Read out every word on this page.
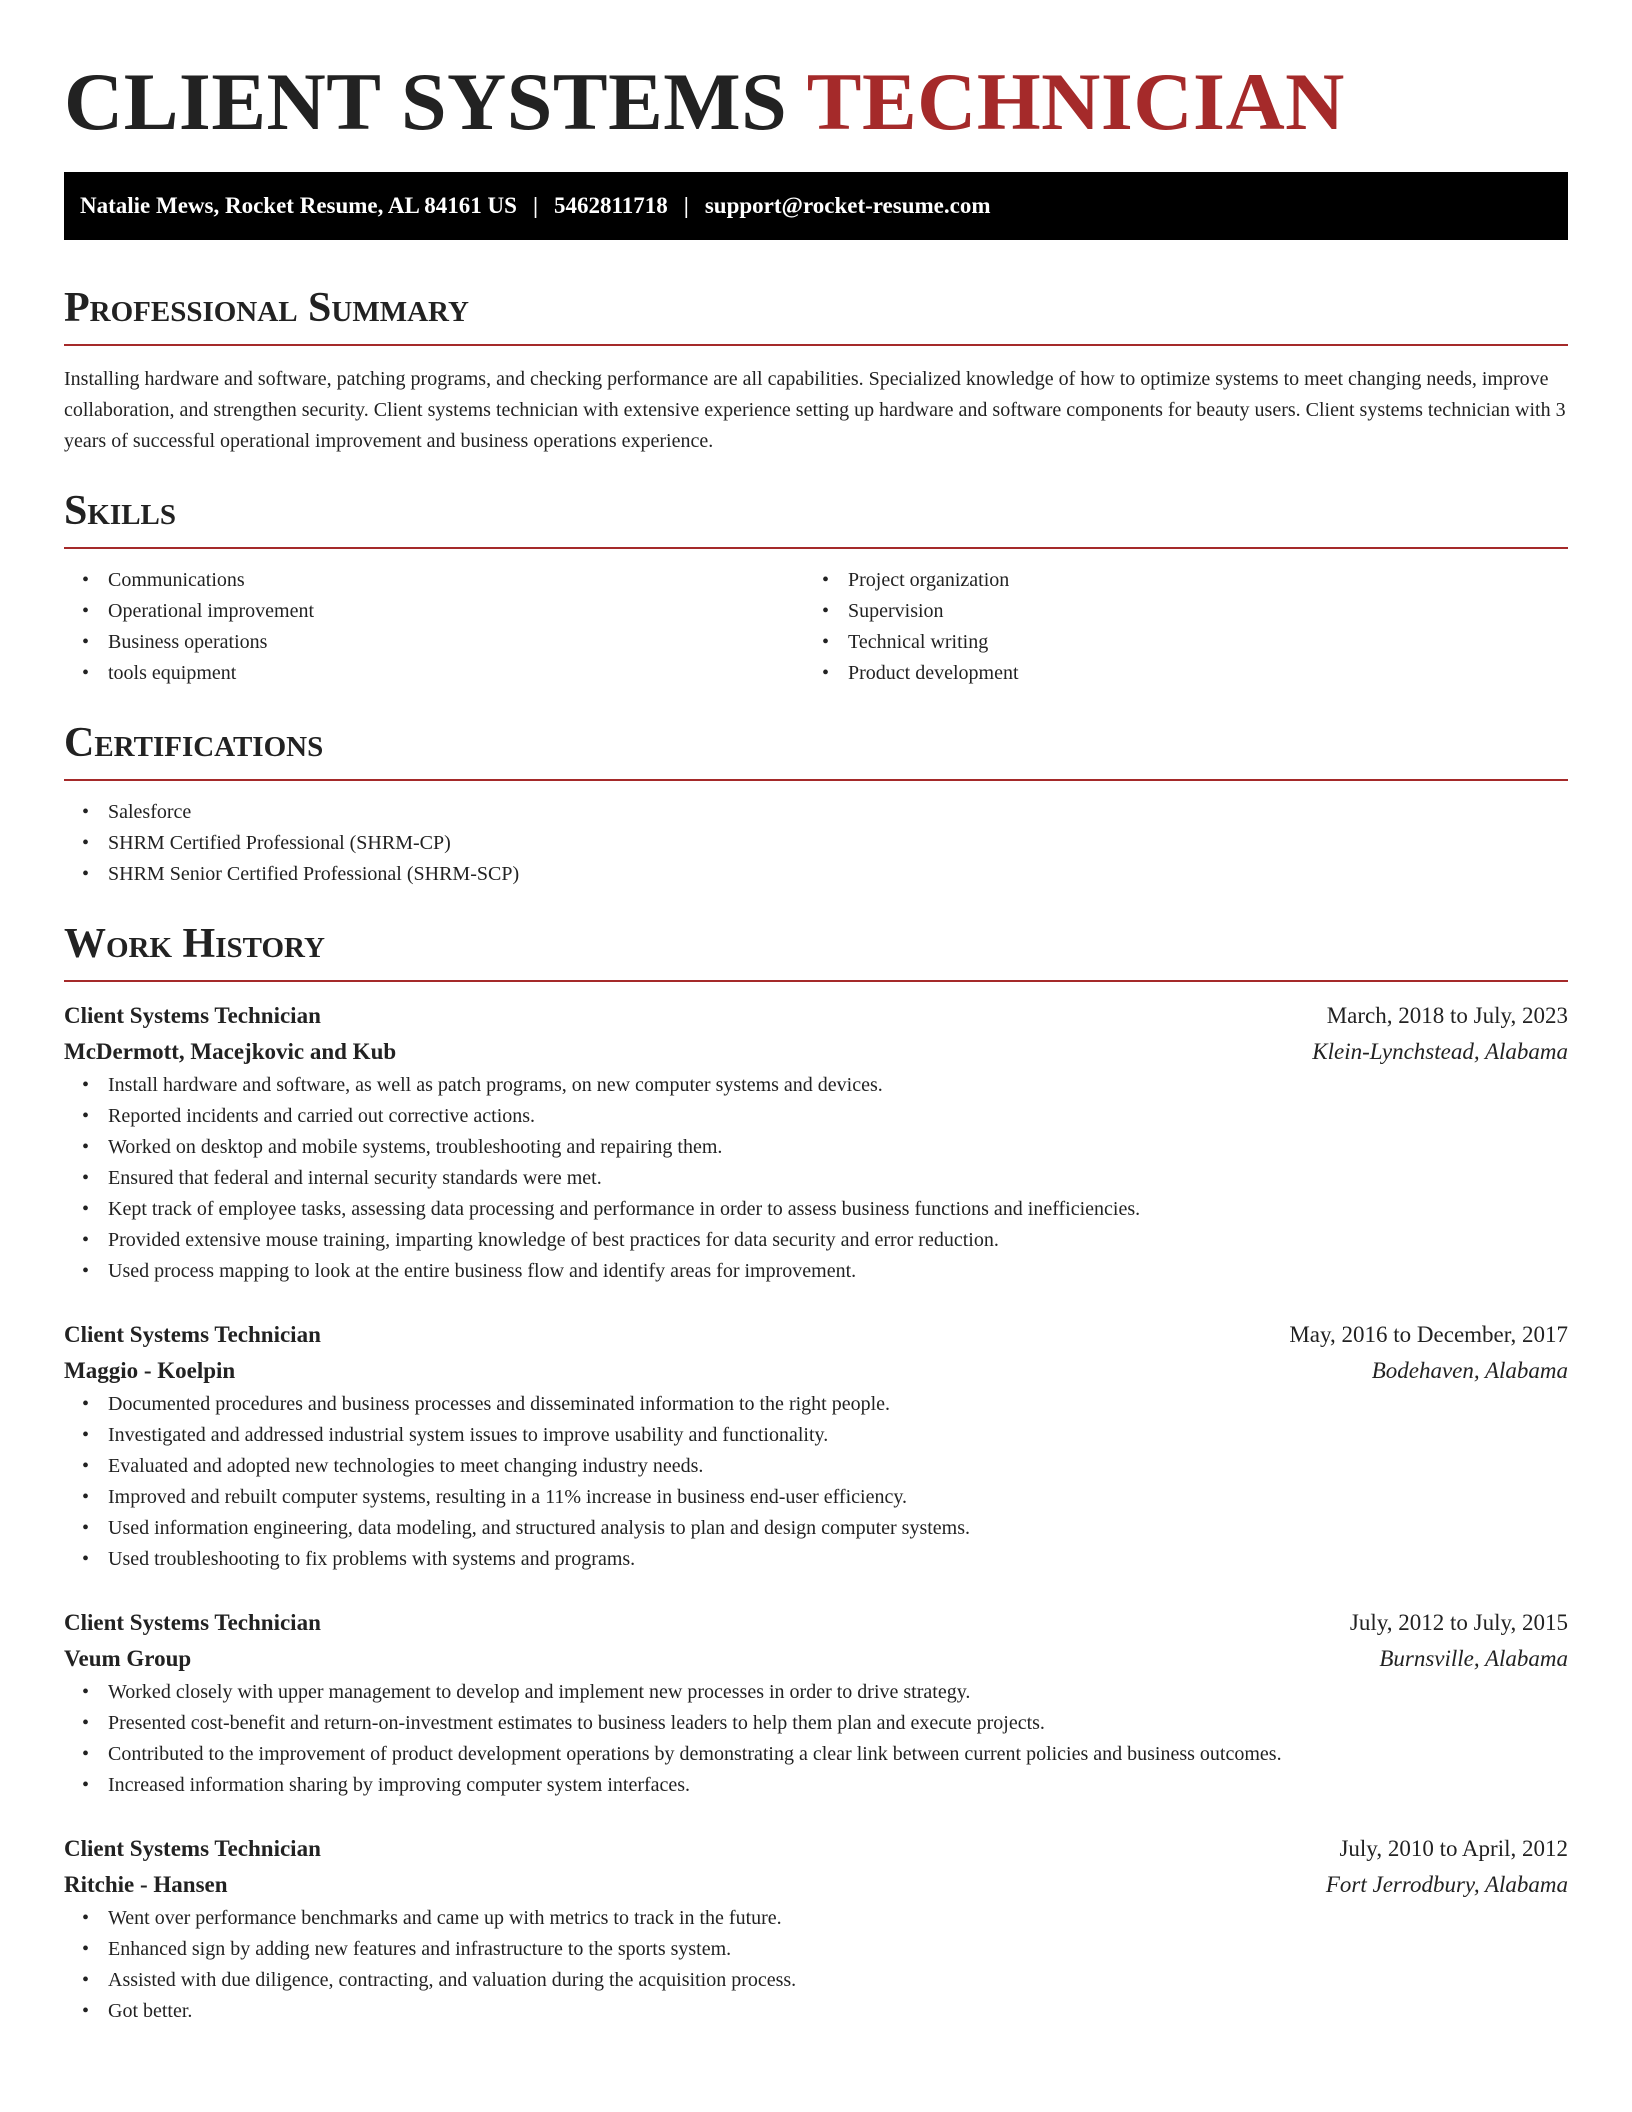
CLIENT SYSTEMS TECHNICIAN
Natalie Mews, Rocket Resume, AL 84161 US | 5462811718 | support@rocket-resume.com
Professional Summary

Installing hardware and software, patching programs, and checking performance are all capabilities. Specialized knowledge of how to optimize systems to meet changing needs, improve collaboration, and strengthen security. Client systems technician with extensive experience setting up hardware and software components for beauty users. Client systems technician with 3 years of successful operational improvement and business operations experience.

Skills
• Communications
• Operational improvement
• Business operations
• tools equipment
• Project organization
• Supervision
• Technical writing
• Product development
Certifications
• Salesforce
• SHRM Certified Professional (SHRM-CP)
• SHRM Senior Certified Professional (SHRM-SCP)
Work History
Client Systems Technician	March, 2018 to July, 2023
McDermott, Macejkovic and Kub	Klein-Lynchstead, Alabama
• Install hardware and software, as well as patch programs, on new computer systems and devices.
• Reported incidents and carried out corrective actions.
• Worked on desktop and mobile systems, troubleshooting and repairing them.
• Ensured that federal and internal security standards were met.
• Kept track of employee tasks, assessing data processing and performance in order to assess business functions and inefficiencies.
• Provided extensive mouse training, imparting knowledge of best practices for data security and error reduction.
• Used process mapping to look at the entire business flow and identify areas for improvement.
Client Systems Technician	May, 2016 to December, 2017
Maggio - Koelpin	Bodehaven, Alabama
• Documented procedures and business processes and disseminated information to the right people.
• Investigated and addressed industrial system issues to improve usability and functionality.
• Evaluated and adopted new technologies to meet changing industry needs.
• Improved and rebuilt computer systems, resulting in a 11% increase in business end-user efficiency.
• Used information engineering, data modeling, and structured analysis to plan and design computer systems.
• Used troubleshooting to fix problems with systems and programs.
Client Systems Technician	July, 2012 to July, 2015
Veum Group	Burnsville, Alabama
• Worked closely with upper management to develop and implement new processes in order to drive strategy.
• Presented cost-benefit and return-on-investment estimates to business leaders to help them plan and execute projects.
• Contributed to the improvement of product development operations by demonstrating a clear link between current policies and business outcomes.
• Increased information sharing by improving computer system interfaces.
Client Systems Technician	July, 2010 to April, 2012
Ritchie - Hansen	Fort Jerrodbury, Alabama
• Went over performance benchmarks and came up with metrics to track in the future.
• Enhanced sign by adding new features and infrastructure to the sports system.
• Assisted with due diligence, contracting, and valuation during the acquisition process.
• Got better.
